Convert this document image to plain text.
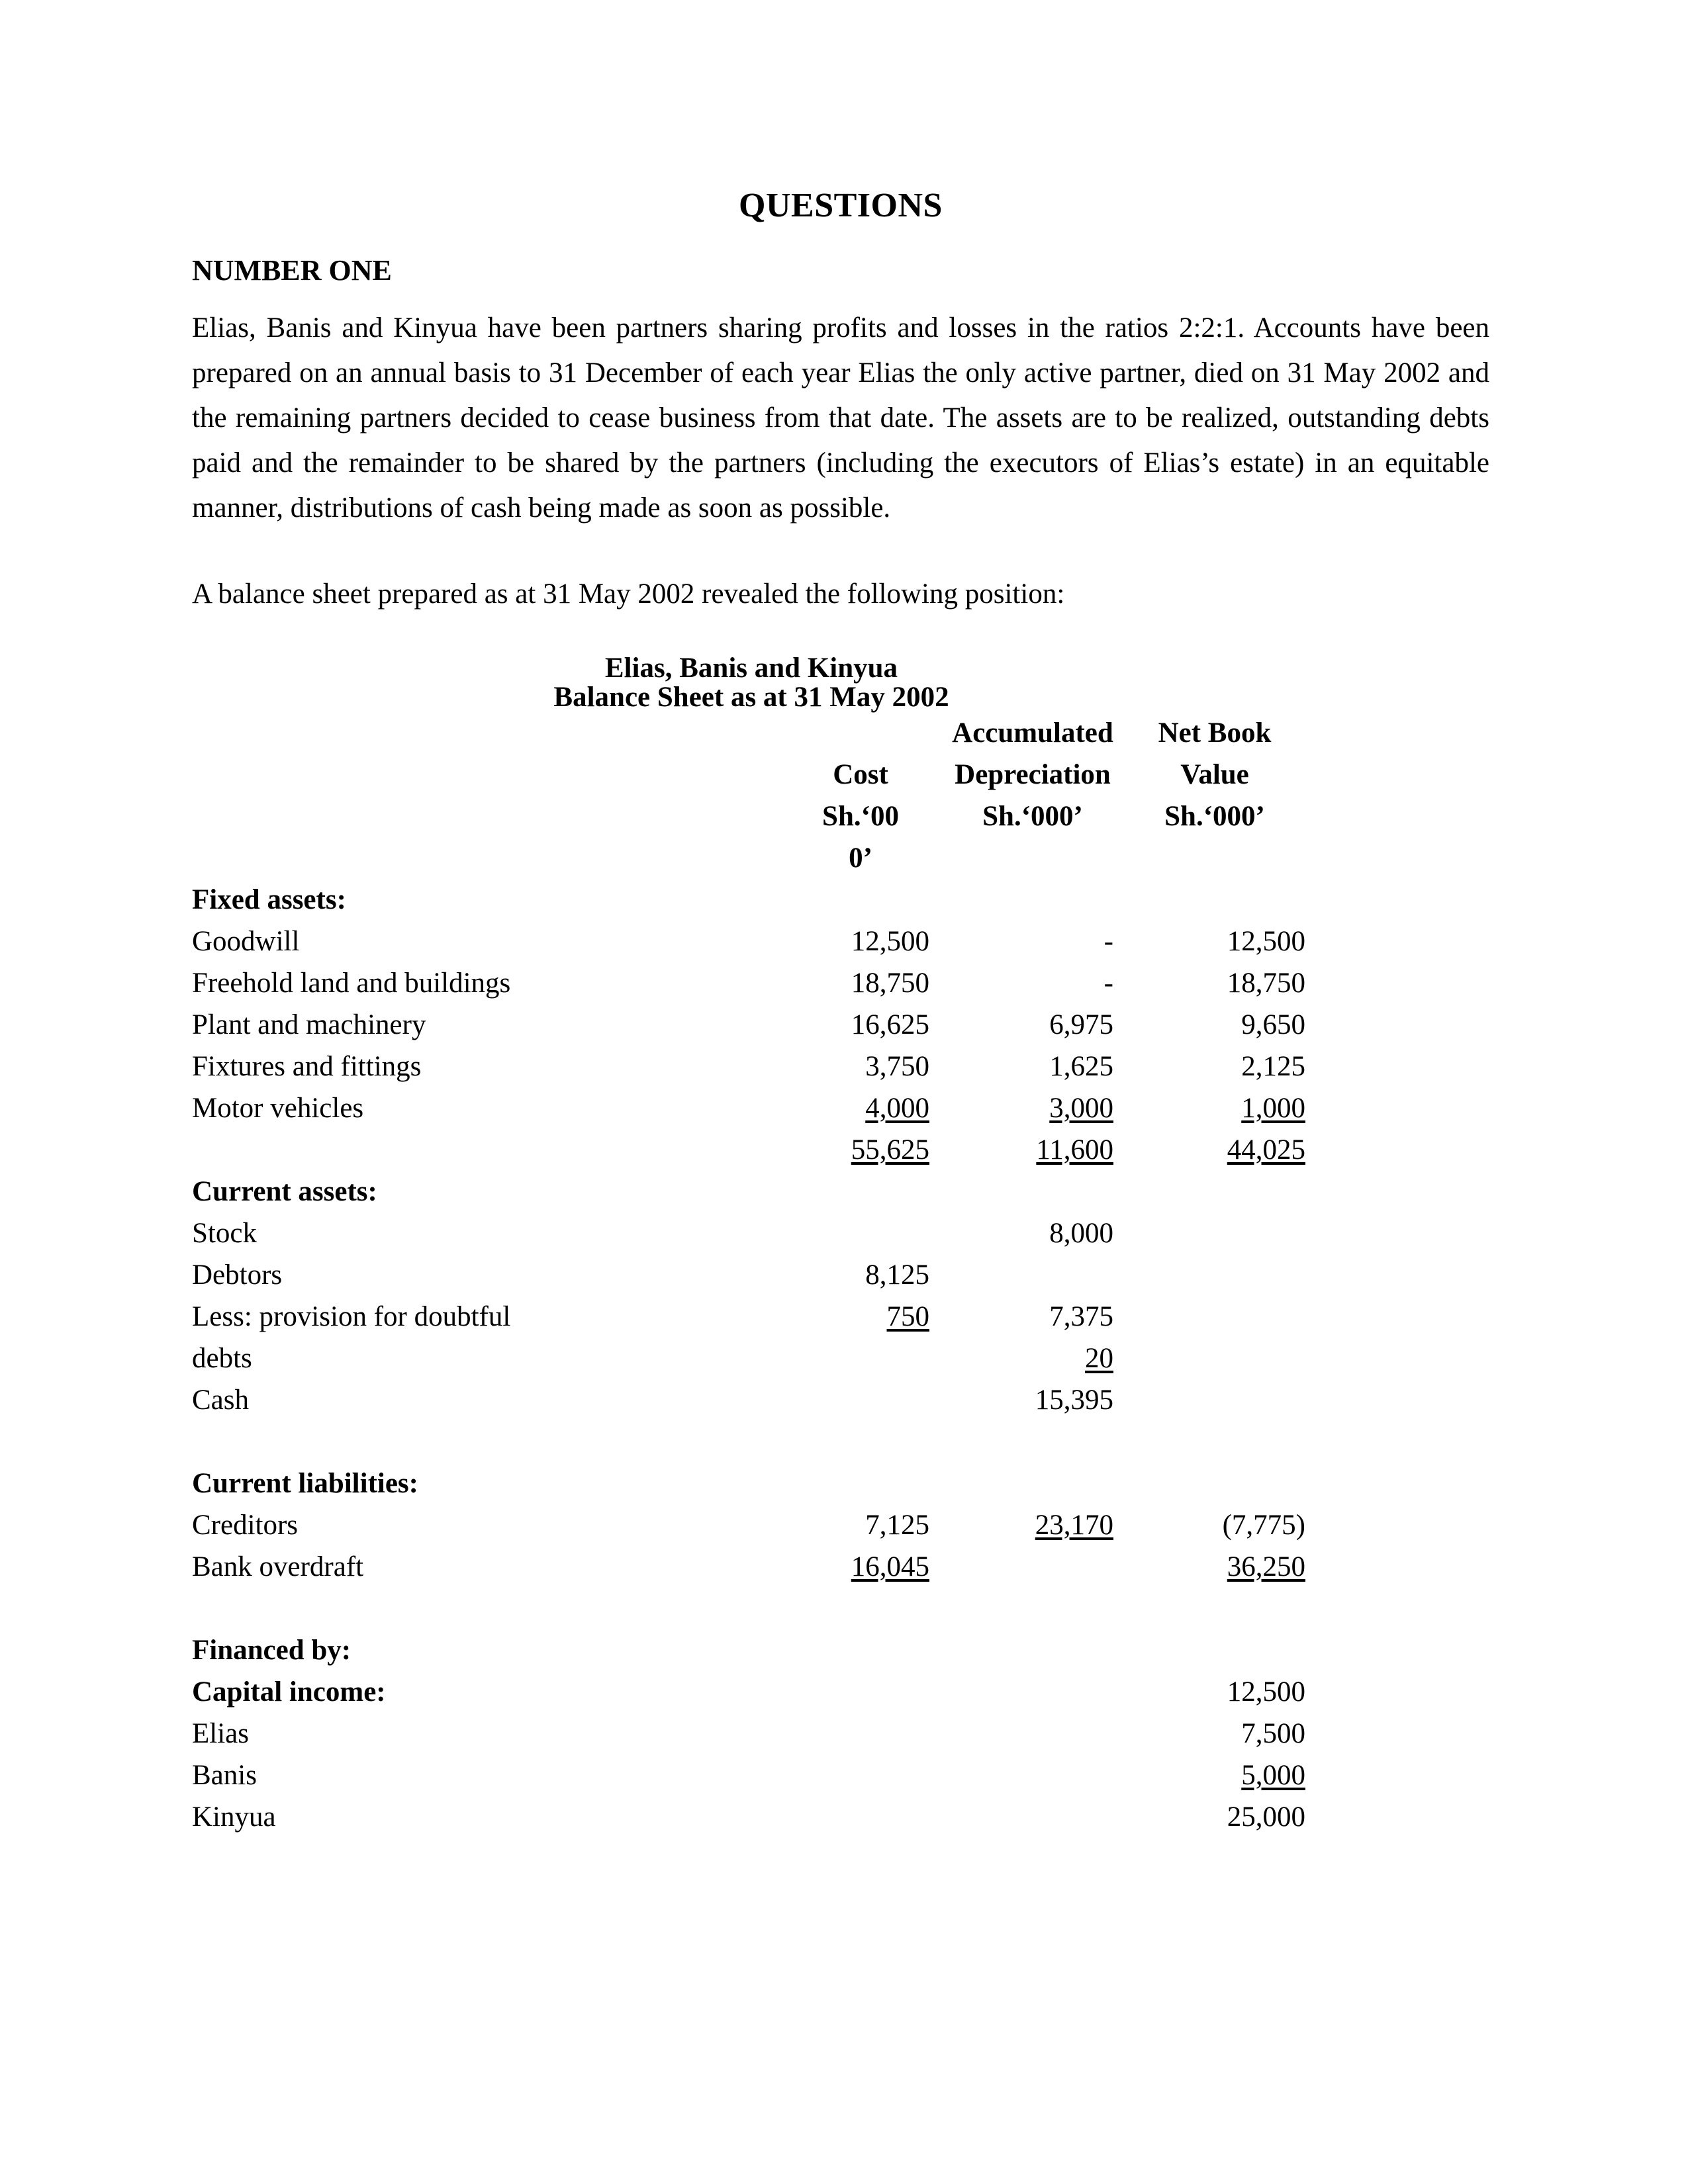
QUESTIONS
NUMBER ONE

Elias, Banis and Kinyua have been partners sharing profits and losses in the ratios 2:2:1. Accounts have been prepared on an annual basis to 31 December of each year Elias the only active partner, died on 31 May 2002 and the remaining partners decided to cease business from that date. The assets are to be realized, outstanding debts paid and the remainder to be shared by the partners (including the executors of Elias’s estate) in an equitable manner, distributions of cash being made as soon as possible.

A balance sheet prepared as at 31 May 2002 revealed the following position:

Elias, Banis and Kinyua
Balance Sheet as at 31 May 2002
		Accumulated	Net Book
	Cost	Depreciation	Value
	Sh.‘00	Sh.‘000’	Sh.‘000’
	0’		
Fixed assets:			
Goodwill	12,500	-	12,500
Freehold land and buildings	18,750	-	18,750
Plant and machinery	16,625	6,975	9,650
Fixtures and fittings	3,750	1,625	2,125
Motor vehicles	4,000	3,000	1,000
	55,625	11,600	44,025
Current assets:			
Stock		8,000	
Debtors	8,125		
Less: provision for doubtful	750	7,375	
debts		20	
Cash		15,395	

Current liabilities:			
Creditors	7,125	23,170	(7,775)
Bank overdraft	16,045		36,250

Financed by:			
Capital income:			12,500
Elias			7,500
Banis			5,000
Kinyua			25,000
